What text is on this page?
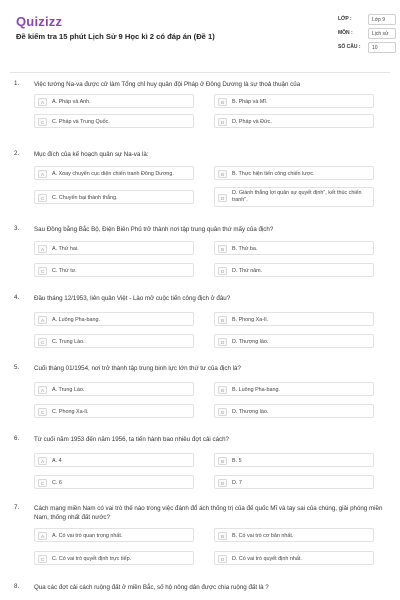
Quizizz
Đề kiểm tra 15 phút Lịch Sử 9 Học kì 2 có đáp án (Đề 1)
LỚP :	Lớp 9
MÔN :	Lịch sử
SỐ CÂU :	10
1. Việc tướng Na-va được cử làm Tổng chỉ huy quân đội Pháp ở Đông Dương là sự thoả thuận của
A	A. Pháp và Anh.	B	B. Pháp và Mĩ.
C	C. Pháp và Trung Quốc.	D	D. Pháp và Đức.
2. Mục đích của kế hoạch quân sự Na-va là:
A	A. Xoay chuyển cục diện chiến tranh Đông Dương.	B	B. Thực hiện tiến công chiến lược.
C	C. Chuyển bại thành thắng.	D
D. Giành thắng lợi quân sự quyết định", kết thúc chiến tranh".
3. Sau Đồng bằng Bắc Bộ, Điện Biên Phủ trở thành nơi tập trung quân thứ mấy của địch?
A	A. Thứ hai.	B	B. Thứ ba.
C	C. Thứ tư.	D	D. Thứ năm.
4. Đầu tháng 12/1953, liên quân Việt - Lào mở cuộc tiến công địch ở đâu?
A	A. Luông Pha-bang.	B	B. Phong Xa-lì.
C	C. Trung Lào.	D	D. Thượng lào.
5. Cuối tháng 01/1954, nơi trở thành tập trung binh lực lớn thứ tư của địch là?
A	A. Trung Lào.	B	B. Luông Pha-bang.
C	C. Phong Xa-lì.	D	D. Thượng lào.
6. Từ cuối năm 1953 đến năm 1956, ta tiến hành bao nhiêu đợt cải cách?
A	A. 4	B	B. 5
C	C. 6	D	D. 7
7. Cách mạng miền Nam có vai trò thế nào trong việc đánh đổ ách thống trị của đế quốc Mĩ và tay sai của chúng, giải phóng miền Nam, thống nhất đất nước?
A	A. Có vai trò quan trọng nhất.	B	B. Có vai trò cơ bản nhất.
C	C. Có vai trò quyết định trực tiếp.	D	D. Có vai trò quyết định nhất.
8. Qua các đợt cải cách ruộng đất ở miền Bắc, số hộ nông dân được chia ruộng đất là ?
